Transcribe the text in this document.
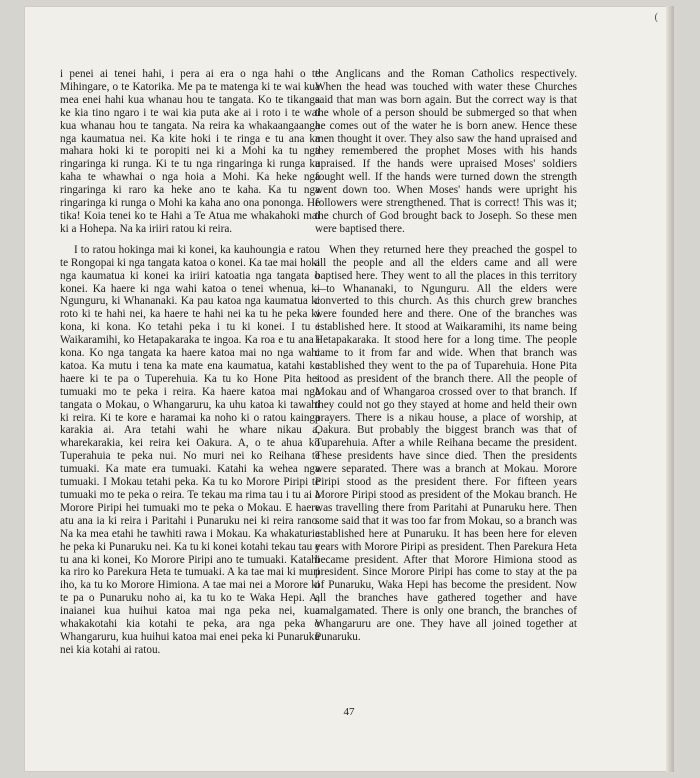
(

i penei ai tenei hahi, i pera ai era o nga hahi o te Mihingare, o te Katorika. Me pa te matenga ki te wai kua mea enei hahi kua whanau hou te tangata. Ko te tikanga ke kia tino ngaro i te wai kia puta ake ai i roto i te wai kua whanau hou te tangata. Na reira ka whakaangaanga nga kaumatua nei. Ka kite hoki i te ringa e tu ana ka mahara hoki ki te poropiti nei ki a Mohi ka tu nga ringaringa ki runga. Ki te tu nga ringaringa ki runga ka kaha te whawhai o nga hoia a Mohi. Ka heke nga ringaringa ki raro ka heke ano te kaha. Ka tu nga ringaringa ki runga o Mohi ka kaha ano ona pononga. He tika! Koia tenei ko te Hahi a Te Atua me whakahoki mai ki a Hohepa. Na ka iriiri ratou ki reira.

I to ratou hokinga mai ki konei, ka kauhoungia e ratou te Rongopai ki nga tangata katoa o konei. Ka tae mai hoki nga kaumatua ki konei ka iriiri katoatia nga tangata o konei. Ka haere ki nga wahi katoa o tenei whenua, ki Ngunguru, ki Whananaki. Ka pau katoa nga kaumatua ki roto ki te hahi nei, ka haere te hahi nei ka tu he peka ki kona, ki kona. Ko tetahi peka i tu ki konei. I tu i Waikaramihi, ko Hetapakaraka te ingoa. Ka roa e tu ana i kona. Ko nga tangata ka haere katoa mai no nga wahi katoa. Ka mutu i tena ka mate ena kaumatua, katahi ka haere ki te pa o Tuperehuia. Ka tu ko Hone Pita hei tumuaki mo te peka i reira. Ka haere katoa mai nga tangata o Mokau, o Whangaruru, ka uhu katoa ki tawahi ki reira. Ki te kore e haramai ka noho ki o ratou kainga karakia ai. Ara tetahi wahi he whare nikau a, wharekarakia, kei reira kei Oakura. A, o te ahua ko Tuperahuia te peka nui. No muri nei ko Reihana te tumuaki. Ka mate era tumuaki. Katahi ka wehea nga tumuaki. I Mokau tetahi peka. Ka tu ko Morore Piripi te tumuaki mo te peka o reira. Te tekau ma rima tau i tu ai a Morore Piripi hei tumuaki mo te peka o Mokau. E haere atu ana ia ki reira i Paritahi i Punaruku nei ki reira rano. Na ka mea etahi he tawhiti rawa i Mokau. Ka whakaturia he peka ki Punaruku nei. Ka tu ki konei kotahi tekau tau e tu ana ki konei, Ko Morore Piripi ano te tumuaki. Katahi ka riro ko Parekura Heta te tumuaki. A ka tae mai ki muri iho, ka tu ko Morore Himiona. A tae mai nei a Morore ki te pa o Punaruku noho ai, ka tu ko te Waka Hepi. A, inaianei kua huihui katoa mai nga peka nei, kua whakakotahi kia kotahi te peka, ara nga peka o Whangaruru, kua huihui katoa mai enei peka ki Punaruku nei kia kotahi ai ratou.

the Anglicans and the Roman Catholics respectively. When the head was touched with water these Churches said that man was born again. But the correct way is that the whole of a person should be submerged so that when he comes out of the water he is born anew. Hence these men thought it over. They also saw the hand upraised and they remembered the prophet Moses with his hands upraised. If the hands were upraised Moses' soldiers fought well. If the hands were turned down the strength went down too. When Moses' hands were upright his followers were strengthened. That is correct! This was it; the church of God brought back to Joseph. So these men were baptised there.

When they returned here they preached the gospel to all the people and all the elders came and all were baptised here. They went to all the places in this territory—to Whananaki, to Ngunguru. All the elders were converted to this church. As this church grew branches were founded here and there. One of the branches was established here. It stood at Waikaramihi, its name being Hetapakaraka. It stood here for a long time. The people came to it from far and wide. When that branch was established they went to the pa of Tuparehuia. Hone Pita stood as president of the branch there. All the people of Mokau and of Whangaroa crossed over to that branch. If they could not go they stayed at home and held their own prayers. There is a nikau house, a place of worship, at Oakura. But probably the biggest branch was that of Tuparehuia. After a while Reihana became the president. These presidents have since died. Then the presidents were separated. There was a branch at Mokau. Morore Piripi stood as the president there. For fifteen years Morore Piripi stood as president of the Mokau branch. He was travelling there from Paritahi at Punaruku here. Then some said that it was too far from Mokau, so a branch was established here at Punaruku. It has been here for eleven years with Morore Piripi as president. Then Parekura Heta became president. After that Morore Himiona stood as president. Since Morore Piripi has come to stay at the pa of Punaruku, Waka Hepi has become the president. Now all the branches have gathered together and have amalgamated. There is only one branch, the branches of Whangaruru are one. They have all joined together at Punaruku.

47
